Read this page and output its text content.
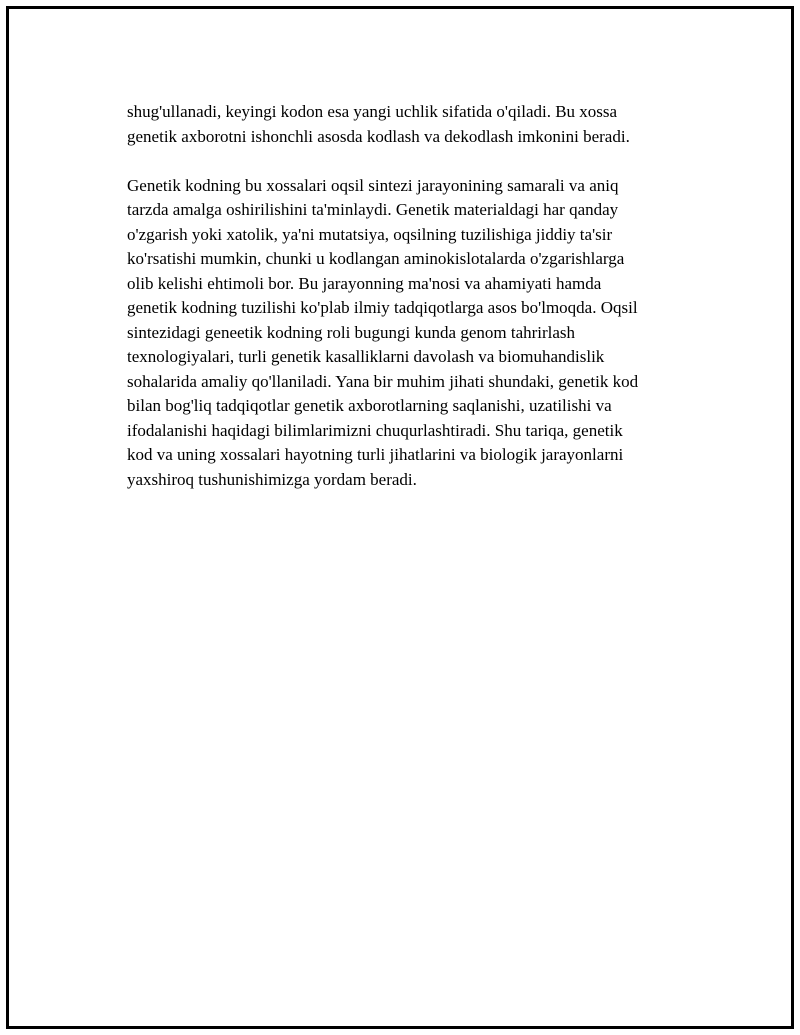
shug'ullanadi, keyingi kodon esa yangi uchlik sifatida o'qiladi. Bu xossa
genetik axborotni ishonchli asosda kodlash va dekodlash imkonini beradi.

Genetik kodning bu xossalari oqsil sintezi jarayonining samarali va aniq
tarzda amalga oshirilishini ta'minlaydi. Genetik materialdagi har qanday
o'zgarish yoki xatolik, ya'ni mutatsiya, oqsilning tuzilishiga jiddiy ta'sir
ko'rsatishi mumkin, chunki u kodlangan aminokislotalarda o'zgarishlarga
olib kelishi ehtimoli bor. Bu jarayonning ma'nosi va ahamiyati hamda
genetik kodning tuzilishi ko'plab ilmiy tadqiqotlarga asos bo'lmoqda. Oqsil
sintezidagi geneetik kodning roli bugungi kunda genom tahrirlash
texnologiyalari, turli genetik kasalliklarni davolash va biomuhandislik
sohalarida amaliy qo'llaniladi. Yana bir muhim jihati shundaki, genetik kod
bilan bog'liq tadqiqotlar genetik axborotlarning saqlanishi, uzatilishi va
ifodalanishi haqidagi bilimlarimizni chuqurlashtiradi. Shu tariqa, genetik
kod va uning xossalari hayotning turli jihatlarini va biologik jarayonlarni
yaxshiroq tushunishimizga yordam beradi.
